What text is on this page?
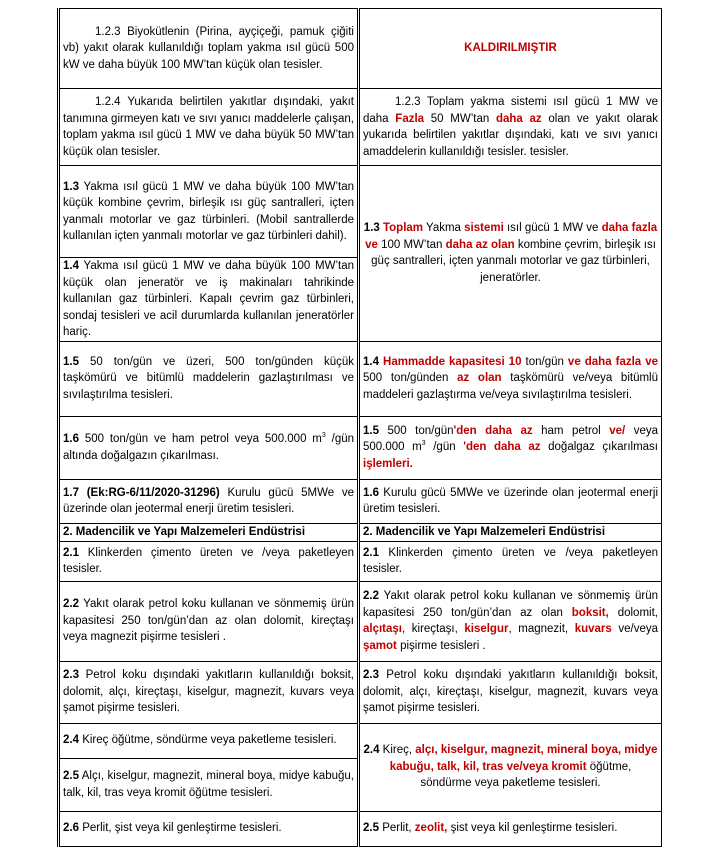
1.2.3 Biyokütlenin (Pirina, ayçiçeği, pamuk çiğiti vb) yakıt olarak kullanıldığı toplam yakma ısıl gücü 500 kW ve daha büyük 100 MW’tan küçük olan tesisler.	KALDIRILMIŞTIR
1.2.4 Yukarıda belirtilen yakıtlar dışındaki, yakıt tanımına girmeyen katı ve sıvı yanıcı maddelerle çalışan, toplam yakma ısıl gücü 1 MW ve daha büyük 50 MW’tan küçük olan tesisler.	1.2.3 Toplam yakma sistemi ısıl gücü 1 MW ve daha Fazla 50 MW’tan daha az olan ve yakıt olarak yukarıda belirtilen yakıtlar dışındaki, katı ve sıvı yanıcı amaddelerin kullanıldığı tesisler. tesisler.
1.3 Yakma ısıl gücü 1 MW ve daha büyük 100 MW’tan küçük kombine çevrim, birleşik ısı güç santralleri, içten yanmalı motorlar ve gaz türbinleri. (Mobil santrallerde kullanılan içten yanmalı motorlar ve gaz türbinleri dahil).	1.3 Toplam Yakma sistemi ısıl gücü 1 MW ve daha fazla ve 100 MW’tan daha az olan kombine çevrim, birleşik ısı güç santralleri, içten yanmalı motorlar ve gaz türbinleri, jeneratörler.
1.4 Yakma ısıl gücü 1 MW ve daha büyük 100 MW’tan küçük olan jeneratör ve iş makinaları tahrikinde kullanılan gaz türbinleri. Kapalı çevrim gaz türbinleri, sondaj tesisleri ve acil durumlarda kullanılan jeneratörler hariç.	
1.5 50 ton/gün ve üzeri, 500 ton/günden küçük taşkömürü ve bitümlü maddelerin gazlaştırılması ve sıvılaştırılma tesisleri.	1.4 Hammadde kapasitesi 10 ton/gün ve daha fazla ve 500 ton/günden az olan taşkömürü ve/veya bitümlü maddeleri gazlaştırma ve/veya sıvılaştırılma tesisleri.
1.6 500 ton/gün ve ham petrol veya 500.000 $m^3$ /gün altında doğalgazın çıkarılması.	1.5 500 ton/gün'den daha az ham petrol ve/ veya 500.000 $m^3$ /gün 'den daha az doğalgaz çıkarılması işlemleri.
1.7 (Ek:RG-6/11/2020-31296) Kurulu gücü 5MWe ve üzerinde olan jeotermal enerji üretim tesisleri.	1.6 Kurulu gücü 5MWe ve üzerinde olan jeotermal enerji üretim tesisleri.
2. Madencilik ve Yapı Malzemeleri Endüstrisi	2. Madencilik ve Yapı Malzemeleri Endüstrisi
2.1 Klinkerden çimento üreten ve /veya paketleyen tesisler.	2.1 Klinkerden çimento üreten ve /veya paketleyen tesisler.
2.2 Yakıt olarak petrol koku kullanan ve sönmemiş ürün kapasitesi 250 ton/gün’dan az olan dolomit, kireçtaşı veya magnezit pişirme tesisleri .	2.2 Yakıt olarak petrol koku kullanan ve sönmemiş ürün kapasitesi 250 ton/gün’dan az olan boksit, dolomit, alçıtaşı, kireçtaşı, kiselgur, magnezit, kuvars ve/veya şamot pişirme tesisleri .
2.3 Petrol koku dışındaki yakıtların kullanıldığı boksit, dolomit, alçı, kireçtaşı, kiselgur, magnezit, kuvars veya şamot pişirme tesisleri.	2.3 Petrol koku dışındaki yakıtların kullanıldığı boksit, dolomit, alçı, kireçtaşı, kiselgur, magnezit, kuvars veya şamot pişirme tesisleri.
2.4 Kireç öğütme, söndürme veya paketleme tesisleri.	2.4 Kireç, alçı, kiselgur, magnezit, mineral boya, midye kabuğu, talk, kil, tras ve/veya kromit öğütme, söndürme veya paketleme tesisleri.
2.5 Alçı, kiselgur, magnezit, mineral boya, midye kabuğu, talk, kil, tras veya kromit öğütme tesisleri.	
2.6 Perlit, şist veya kil genleştirme tesisleri.	2.5 Perlit, zeolit, şist veya kil genleştirme tesisleri.
